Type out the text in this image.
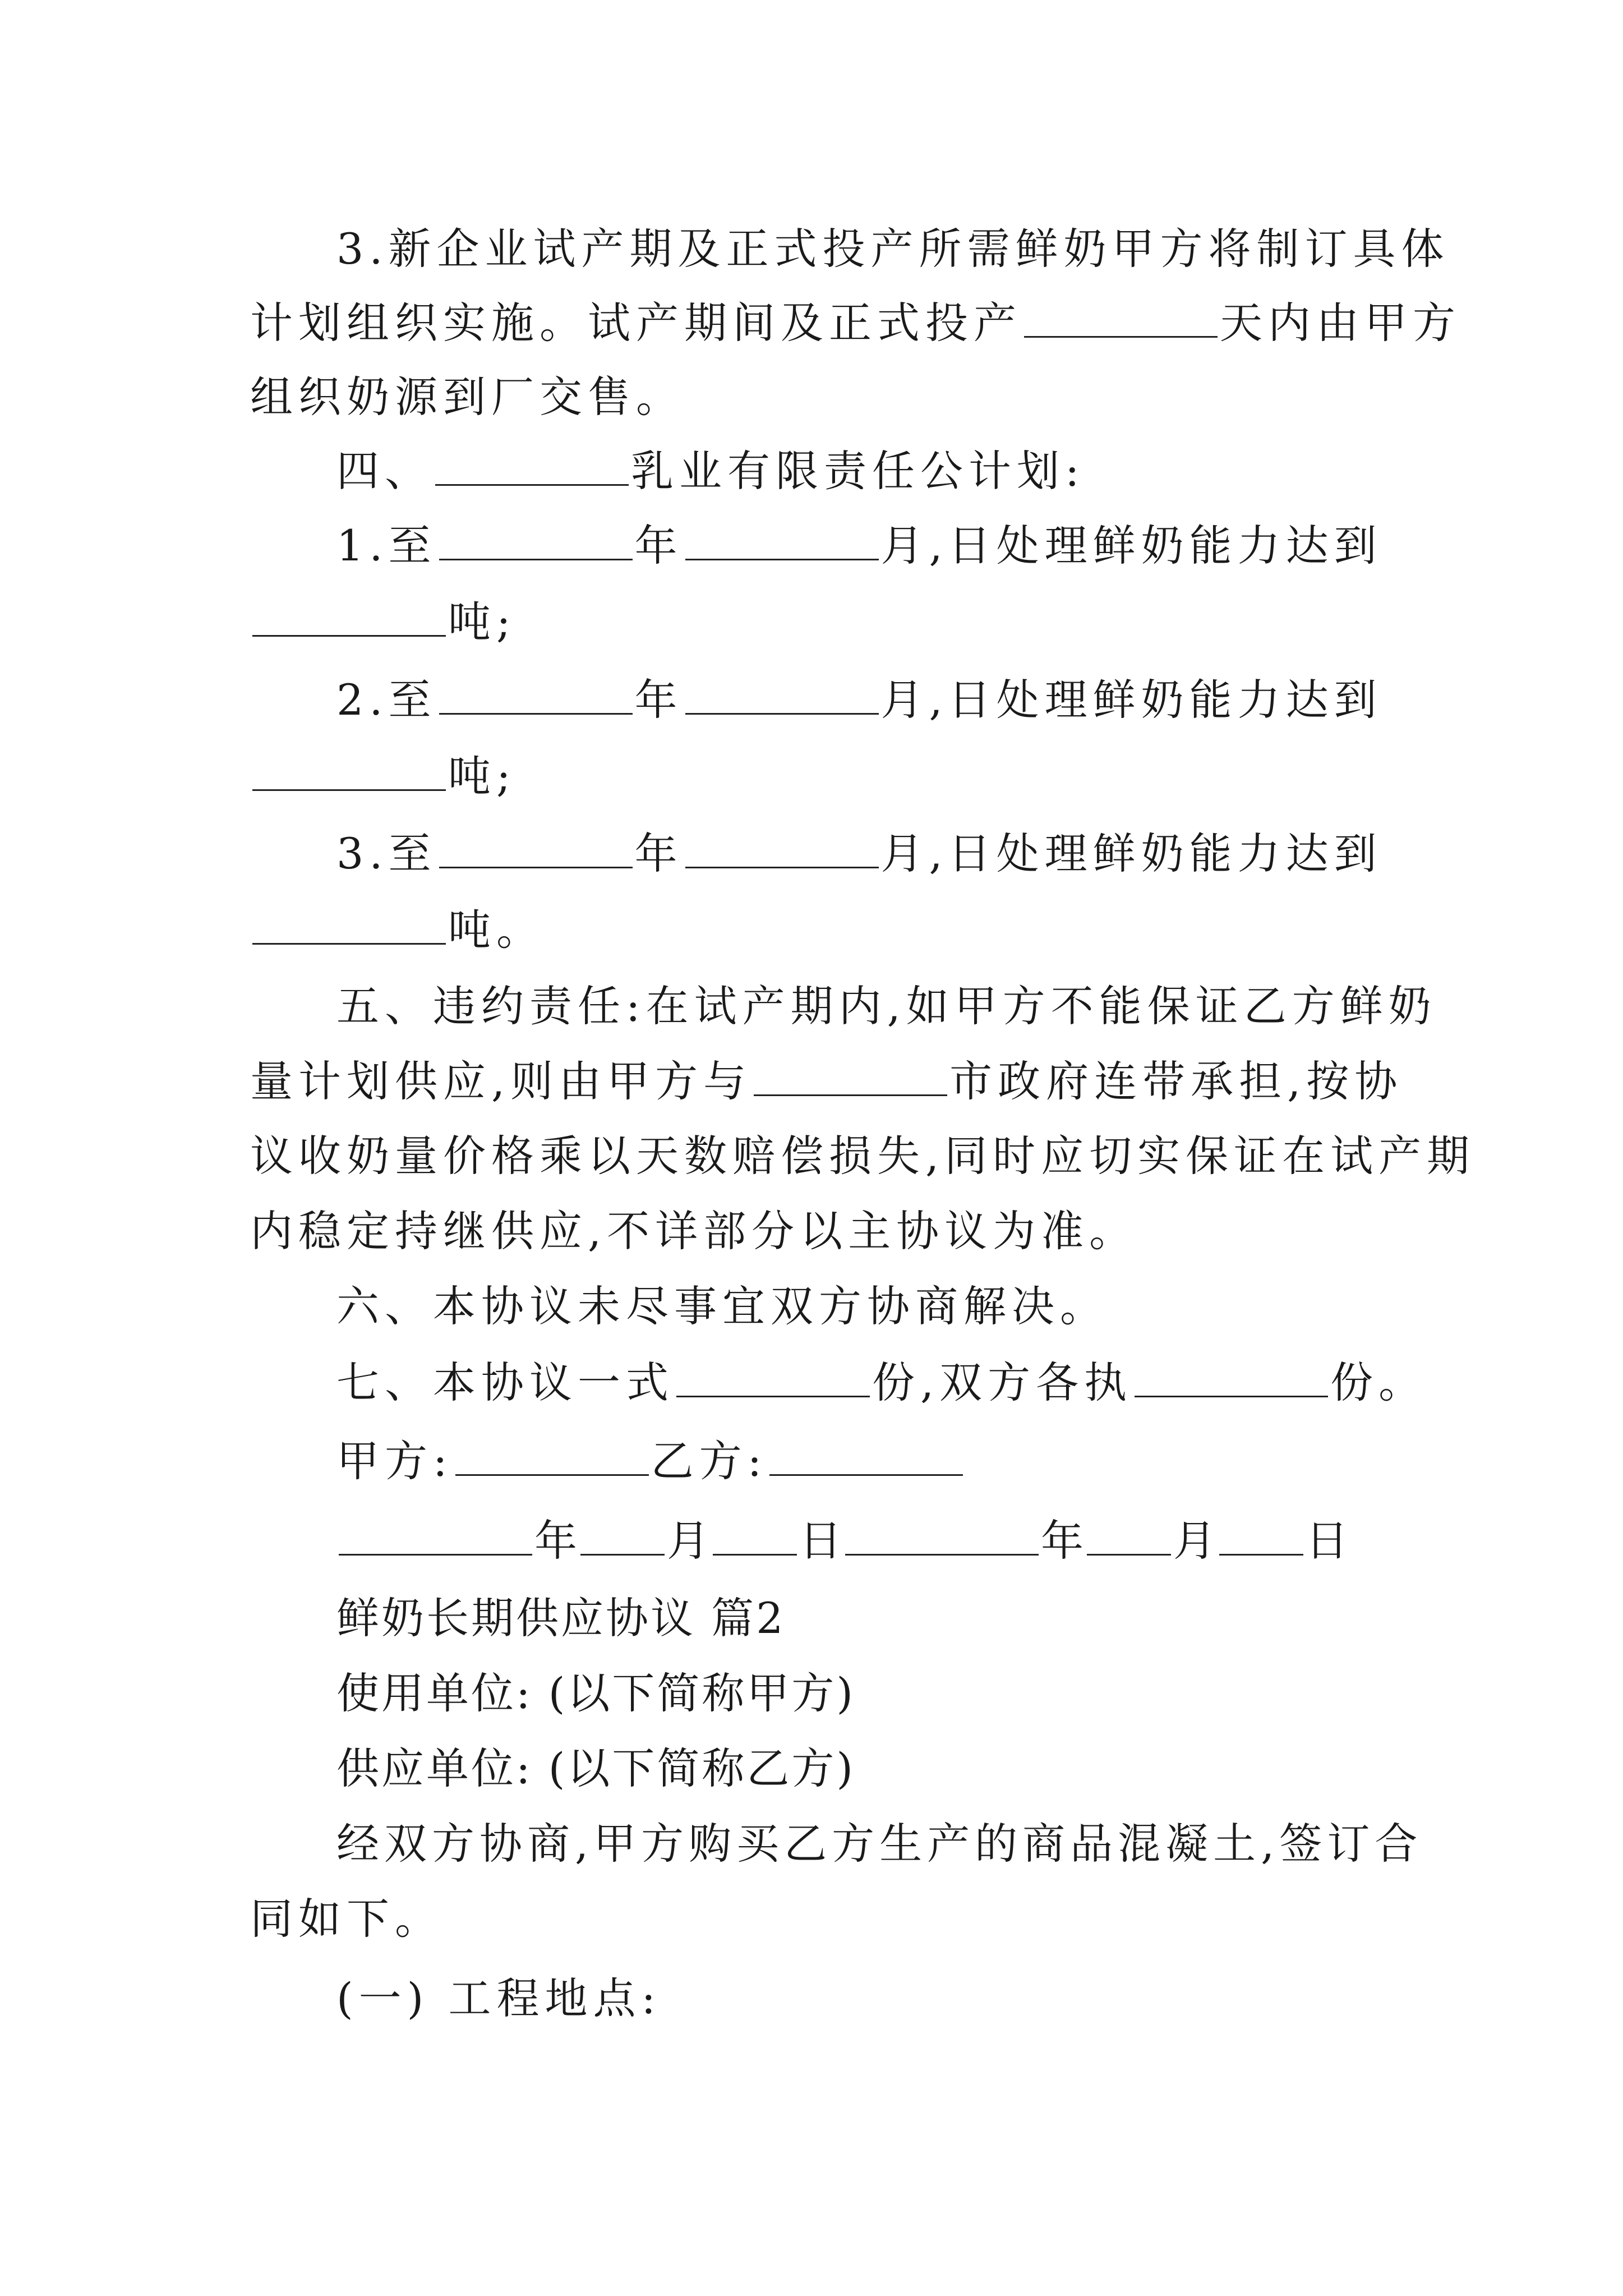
3.新企业试产期及正式投产所需鲜奶甲方将制订具体
计划组织实施。试产期间及正式投产	天内由甲方
组织奶源到厂交售。
四、	乳业有限责任公计划:
1.至	年	月,日处理鲜奶能力达到
吨;
2.至	年	月,日处理鲜奶能力达到
吨;
3.至	年	月,日处理鲜奶能力达到
吨。
五、违约责任:在试产期内,如甲方不能保证乙方鲜奶
量计划供应,则由甲方与	市政府连带承担,按协
议收奶量价格乘以天数赔偿损失,同时应切实保证在试产期
内稳定持继供应,不详部分以主协议为准。
六、本协议未尽事宜双方协商解决。
七、本协议一式	份,双方各执	份。
甲方:	乙方:
年 月 日	年 月 日
鲜奶长期供应协议 篇2
使用单位: (以下简称甲方)
供应单位: (以下简称乙方)
经双方协商,甲方购买乙方生产的商品混凝土,签订合
同如下。
(一) 工程地点:
